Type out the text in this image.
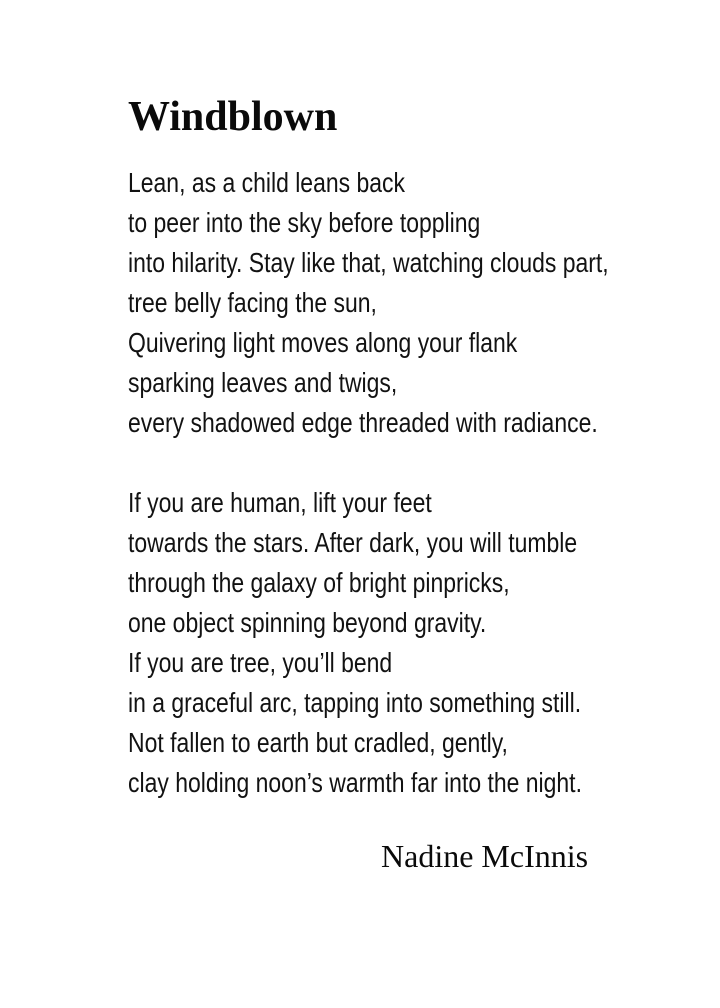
Windblown
Lean, as a child leans back
to peer into the sky before toppling
into hilarity. Stay like that, watching clouds part,
tree belly facing the sun,
Quivering light moves along your flank
sparking leaves and twigs,
every shadowed edge threaded with radiance.
If you are human, lift your feet
towards the stars. After dark, you will tumble
through the galaxy of bright pinpricks,
one object spinning beyond gravity.
If you are tree, you’ll bend
in a graceful arc, tapping into something still.
Not fallen to earth but cradled, gently,
clay holding noon’s warmth far into the night.
Nadine McInnis
